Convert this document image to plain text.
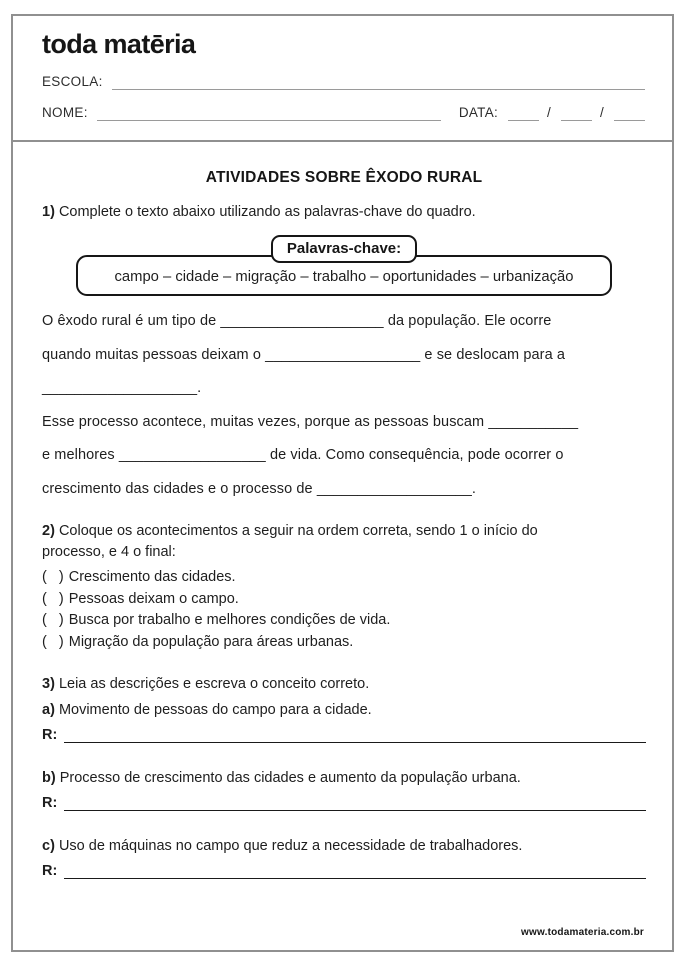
toda matēria
ESCOLA:
NOME:	DATA:	/	/
ATIVIDADES SOBRE ÊXODO RURAL
1) Complete o texto abaixo utilizando as palavras-chave do quadro.
Palavras-chave:
campo – cidade – migração – trabalho – oportunidades – urbanização
O êxodo rural é um tipo de ____________________ da população. Ele ocorre
quando muitas pessoas deixam o ___________________ e se deslocam para a
___________________.
Esse processo acontece, muitas vezes, porque as pessoas buscam ___________
e melhores __________________ de vida. Como consequência, pode ocorrer o
crescimento das cidades e o processo de ___________________.
2) Coloque os acontecimentos a seguir na ordem correta, sendo 1 o início do
processo, e 4 o final:
(   ) Crescimento das cidades.
(   ) Pessoas deixam o campo.
(   ) Busca por trabalho e melhores condições de vida.
(   ) Migração da população para áreas urbanas.
3) Leia as descrições e escreva o conceito correto.
a) Movimento de pessoas do campo para a cidade.
R:
b) Processo de crescimento das cidades e aumento da população urbana.
R:
c) Uso de máquinas no campo que reduz a necessidade de trabalhadores.
R:
www.todamateria.com.br
